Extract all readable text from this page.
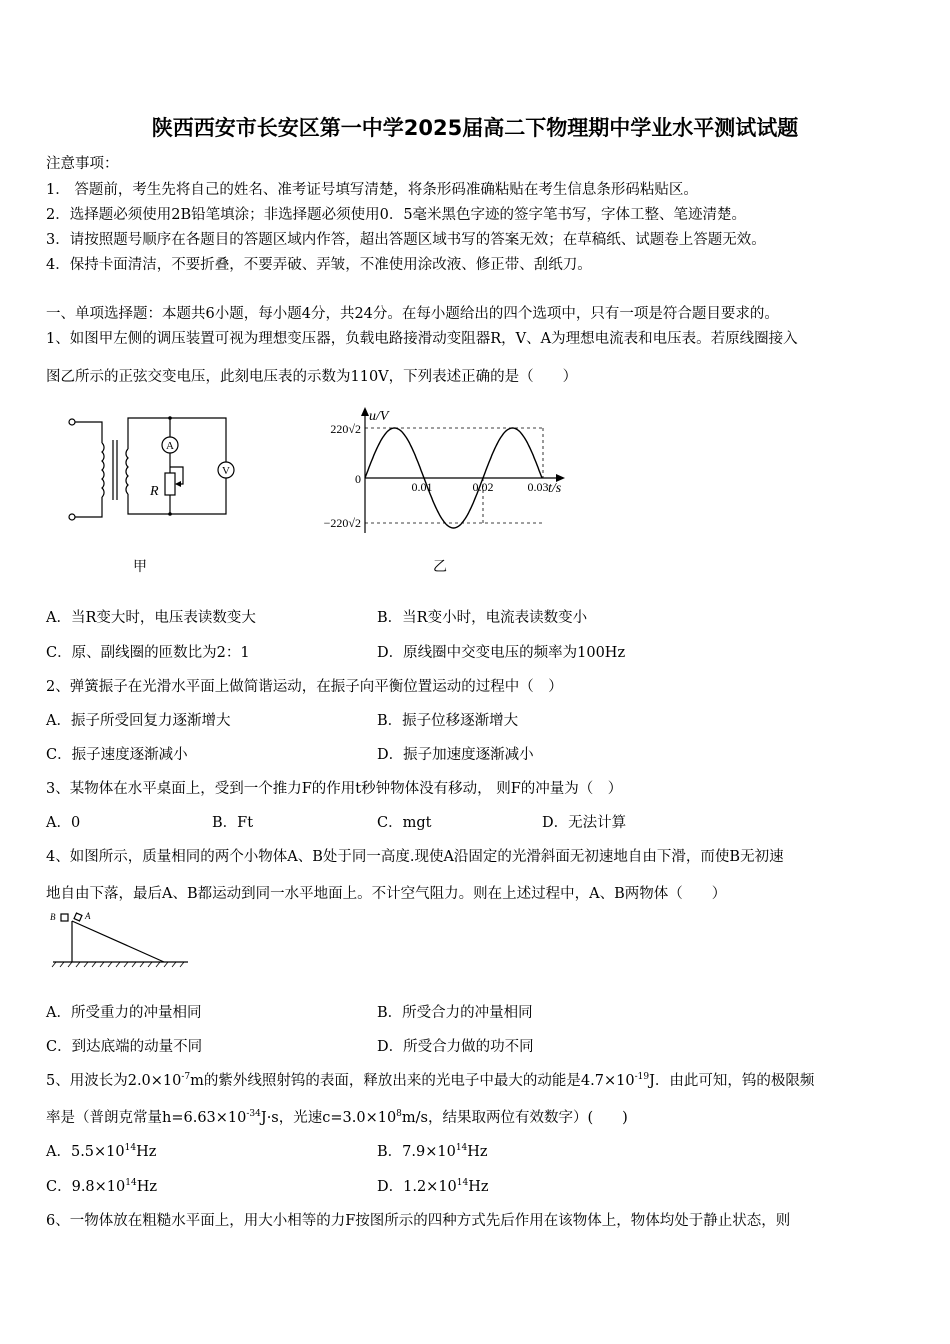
陕西西安市长安区第一中学2025届高二下物理期中学业水平测试试题
注意事项：
1． 答题前，考生先将自己的姓名、准考证号填写清楚，将条形码准确粘贴在考生信息条形码粘贴区。
2．选择题必须使用2B铅笔填涂；非选择题必须使用0．5毫米黑色字迹的签字笔书写，字体工整、笔迹清楚。
3．请按照题号顺序在各题目的答题区域内作答，超出答题区域书写的答案无效；在草稿纸、试题卷上答题无效。
4．保持卡面清洁，不要折叠，不要弄破、弄皱，不准使用涂改液、修正带、刮纸刀。
一、单项选择题：本题共6小题，每小题4分，共24分。在每小题给出的四个选项中，只有一项是符合题目要求的。
1、如图甲左侧的调压装置可视为理想变压器，负载电路接滑动变阻器R，V、A为理想电流表和电压表。若原线圈接入
图乙所示的正弦交变电压，此刻电压表的示数为110V，下列表述正确的是（　　）
A
V
R
甲
u/V
t/s
220√2
0
−220√2
0.01	0.02	0.03
乙
A．当R变大时，电压表读数变大	B．当R变小时，电流表读数变小
C．原、副线圈的匝数比为2：1	D．原线圈中交变电压的频率为100Hz
2、弹簧振子在光滑水平面上做简谐运动，在振子向平衡位置运动的过程中（　）
A．振子所受回复力逐渐增大	B．振子位移逐渐增大
C．振子速度逐渐减小	D．振子加速度逐渐减小
3、某物体在水平桌面上，受到一个推力F的作用t秒钟物体没有移动， 则F的冲量为（　）
A．0	B．Ft	C．mgt	D．无法计算
4、如图所示，质量相同的两个小物体A、B处于同一高度.现使A沿固定的光滑斜面无初速地自由下滑，而使B无初速
地自由下落，最后A、B都运动到同一水平地面上。不计空气阻力。则在上述过程中，A、B两物体（　　）
B	A
A．所受重力的冲量相同	B．所受合力的冲量相同
C．到达底端的动量不同	D．所受合力做的功不同
5、用波长为$2.0\times 10^{-7}m$的紫外线照射钨的表面，释放出来的光电子中最大的动能是$4.7\times 10^{-19}J$．由此可知，钨的极限频
率是（普朗克常量$h=6.63\times 10^{-34}J\cdot s$，光速$c=3.0\times 10^8m/s$，结果取两位有效数字）(　　)
A．$5.5\times 10^{14}Hz$	B．$7.9\times 10^{14}Hz$
C．$9.8\times 10^{14}Hz$	D．$1.2\times 10^{14}Hz$
6、一物体放在粗糙水平面上，用大小相等的力F按图所示的四种方式先后作用在该物体上，物体均处于静止状态，则
